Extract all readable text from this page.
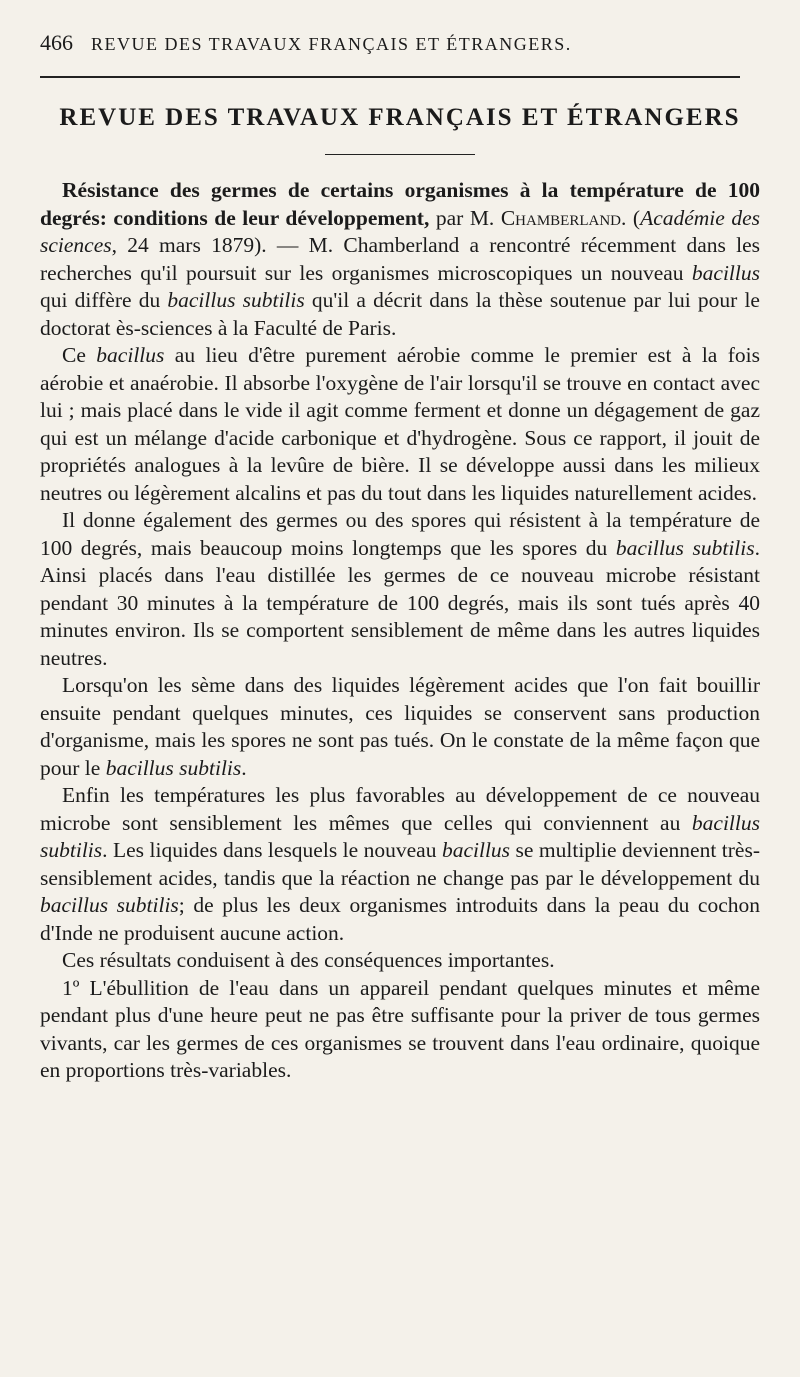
466 REVUE DES TRAVAUX FRANÇAIS ET ÉTRANGERS.
REVUE DES TRAVAUX FRANÇAIS ET ÉTRANGERS

Résistance des germes de certains organismes à la température de 100 degrés: conditions de leur développement, par M. Chamberland. (Académie des sciences, 24 mars 1879). — M. Chamberland a rencontré récemment dans les recherches qu'il poursuit sur les organismes microscopiques un nouveau bacillus qui diffère du bacillus subtilis qu'il a décrit dans la thèse soutenue par lui pour le doctorat ès-sciences à la Faculté de Paris.

Ce bacillus au lieu d'être purement aérobie comme le premier est à la fois aérobie et anaérobie. Il absorbe l'oxygène de l'air lorsqu'il se trouve en contact avec lui ; mais placé dans le vide il agit comme ferment et donne un dégagement de gaz qui est un mélange d'acide carbonique et d'hydrogène. Sous ce rapport, il jouit de propriétés analogues à la levûre de bière. Il se développe aussi dans les milieux neutres ou légèrement alcalins et pas du tout dans les liquides naturellement acides.

Il donne également des germes ou des spores qui résistent à la température de 100 degrés, mais beaucoup moins longtemps que les spores du bacillus subtilis. Ainsi placés dans l'eau distillée les germes de ce nouveau microbe résistant pendant 30 minutes à la température de 100 degrés, mais ils sont tués après 40 minutes environ. Ils se comportent sensiblement de même dans les autres liquides neutres.

Lorsqu'on les sème dans des liquides légèrement acides que l'on fait bouillir ensuite pendant quelques minutes, ces liquides se conservent sans production d'organisme, mais les spores ne sont pas tués. On le constate de la même façon que pour le bacillus subtilis.

Enfin les températures les plus favorables au développement de ce nouveau microbe sont sensiblement les mêmes que celles qui conviennent au bacillus subtilis. Les liquides dans lesquels le nouveau bacillus se multiplie deviennent très-sensiblement acides, tandis que la réaction ne change pas par le développement du bacillus subtilis; de plus les deux organismes introduits dans la peau du cochon d'Inde ne produisent aucune action.

Ces résultats conduisent à des conséquences importantes.

1º L'ébullition de l'eau dans un appareil pendant quelques minutes et même pendant plus d'une heure peut ne pas être suffisante pour la priver de tous germes vivants, car les germes de ces organismes se trouvent dans l'eau ordinaire, quoique en proportions très-variables.
